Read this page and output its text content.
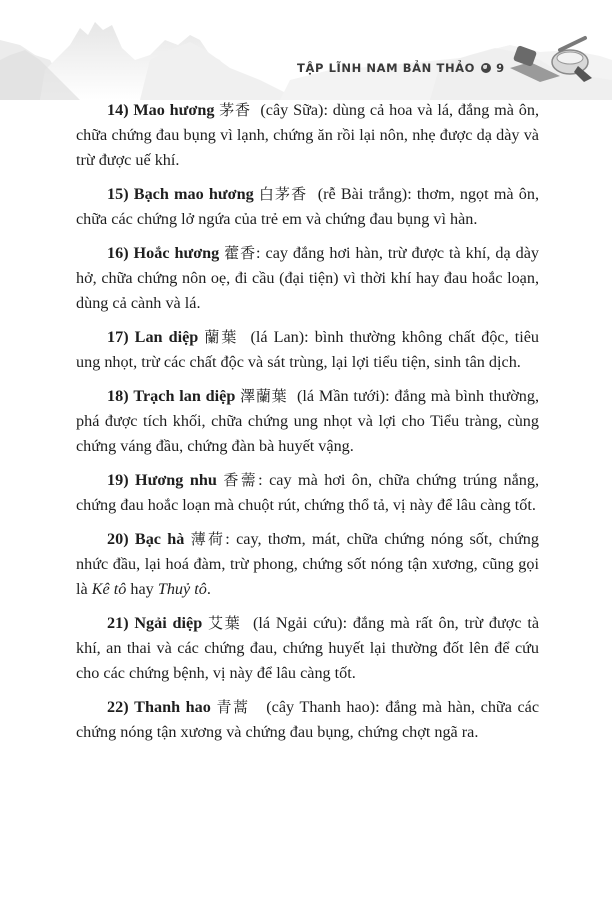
TẬP LĨNH NAM BẢN THẢO 9

14) Mao hương 茅香 (cây Sữa): dùng cả hoa và lá, đắng mà ôn, chữa chứng đau bụng vì lạnh, chứng ăn rồi lại nôn, nhẹ được dạ dày và trừ được uế khí.

15) Bạch mao hương 白茅香 (rễ Bài trắng): thơm, ngọt mà ôn, chữa các chứng lở ngứa của trẻ em và chứng đau bụng vì hàn.

16) Hoắc hương 藿香: cay đắng hơi hàn, trừ được tà khí, dạ dày hở, chữa chứng nôn oẹ, đi cầu (đại tiện) vì thời khí hay đau hoắc loạn, dùng cả cành và lá.

17) Lan diệp 蘭葉 (lá Lan): bình thường không chất độc, tiêu ung nhọt, trừ các chất độc và sát trùng, lại lợi tiểu tiện, sinh tân dịch.

18) Trạch lan diệp 澤蘭葉 (lá Mần tưới): đắng mà bình thường, phá được tích khối, chữa chứng ung nhọt và lợi cho Tiểu tràng, cùng chứng váng đầu, chứng đàn bà huyết vậng.

19) Hương nhu 香薷: cay mà hơi ôn, chữa chứng trúng nắng, chứng đau hoắc loạn mà chuột rút, chứng thổ tả, vị này để lâu càng tốt.

20) Bạc hà 薄荷: cay, thơm, mát, chữa chứng nóng sốt, chứng nhức đầu, lại hoá đàm, trừ phong, chứng sốt nóng tận xương, cũng gọi là Kê tô hay Thuỷ tô.

21) Ngải diệp 艾葉 (lá Ngải cứu): đắng mà rất ôn, trừ được tà khí, an thai và các chứng đau, chứng huyết lại thường đốt lên để cứu cho các chứng bệnh, vị này để lâu càng tốt.

22) Thanh hao 青蒿 (cây Thanh hao): đắng mà hàn, chữa các chứng nóng tận xương và chứng đau bụng, chứng chợt ngã ra.
